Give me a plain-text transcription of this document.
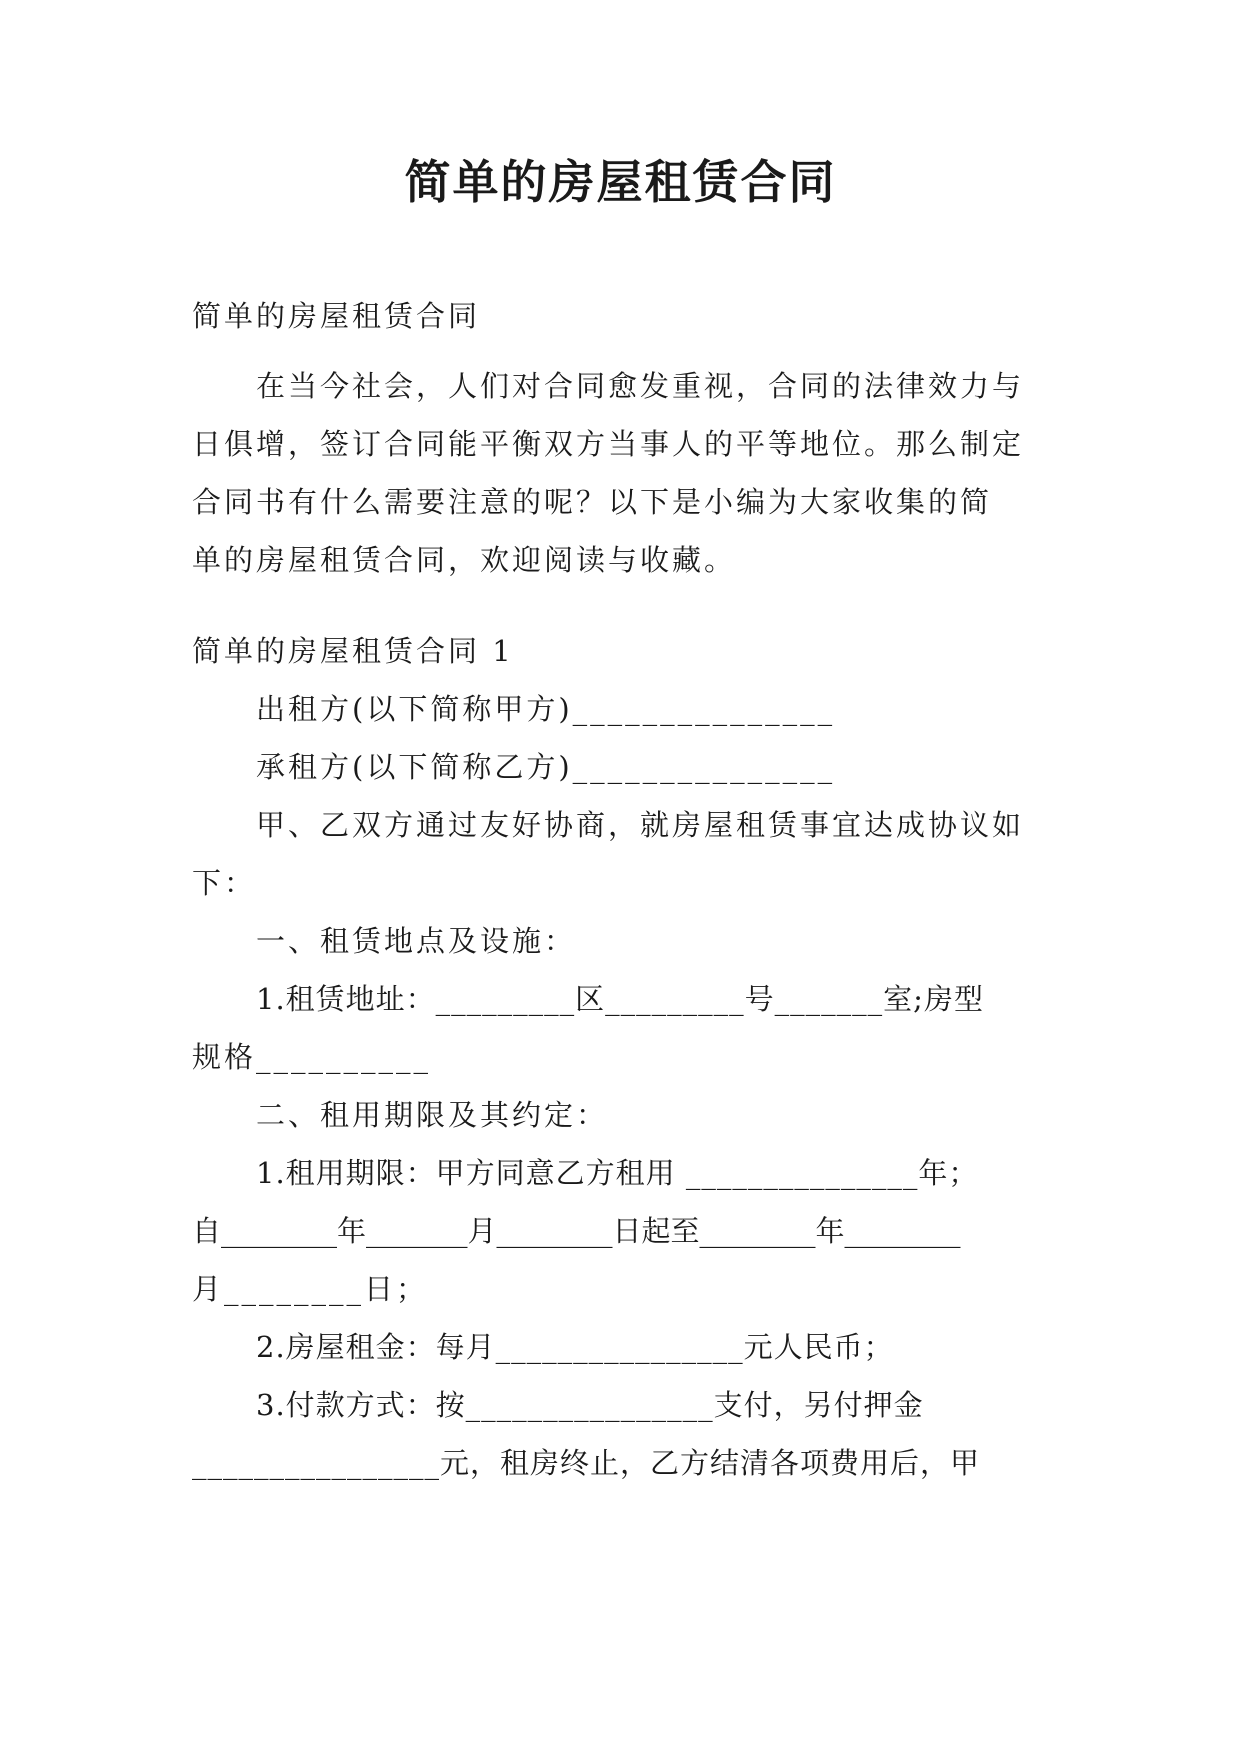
简单的房屋租赁合同
简单的房屋租赁合同
在当今社会，人们对合同愈发重视，合同的法律效力与
日俱增，签订合同能平衡双方当事人的平等地位。那么制定
合同书有什么需要注意的呢？以下是小编为大家收集的简
单的房屋租赁合同，欢迎阅读与收藏。
简单的房屋租赁合同 1
出租方(以下简称甲方)_______________
承租方(以下简称乙方)_______________
甲、乙双方通过友好协商，就房屋租赁事宜达成协议如
下：
一、租赁地点及设施：
1.租赁地址：_________区_________号_______室;房型
规格__________
二、租用期限及其约定：
1.租用期限：甲方同意乙方租用 _______________年；
自________年_______月________日起至________年________
月________日；
2.房屋租金：每月________________元人民币；
3.付款方式：按________________支付，另付押金
________________元，租房终止，乙方结清各项费用后，甲
